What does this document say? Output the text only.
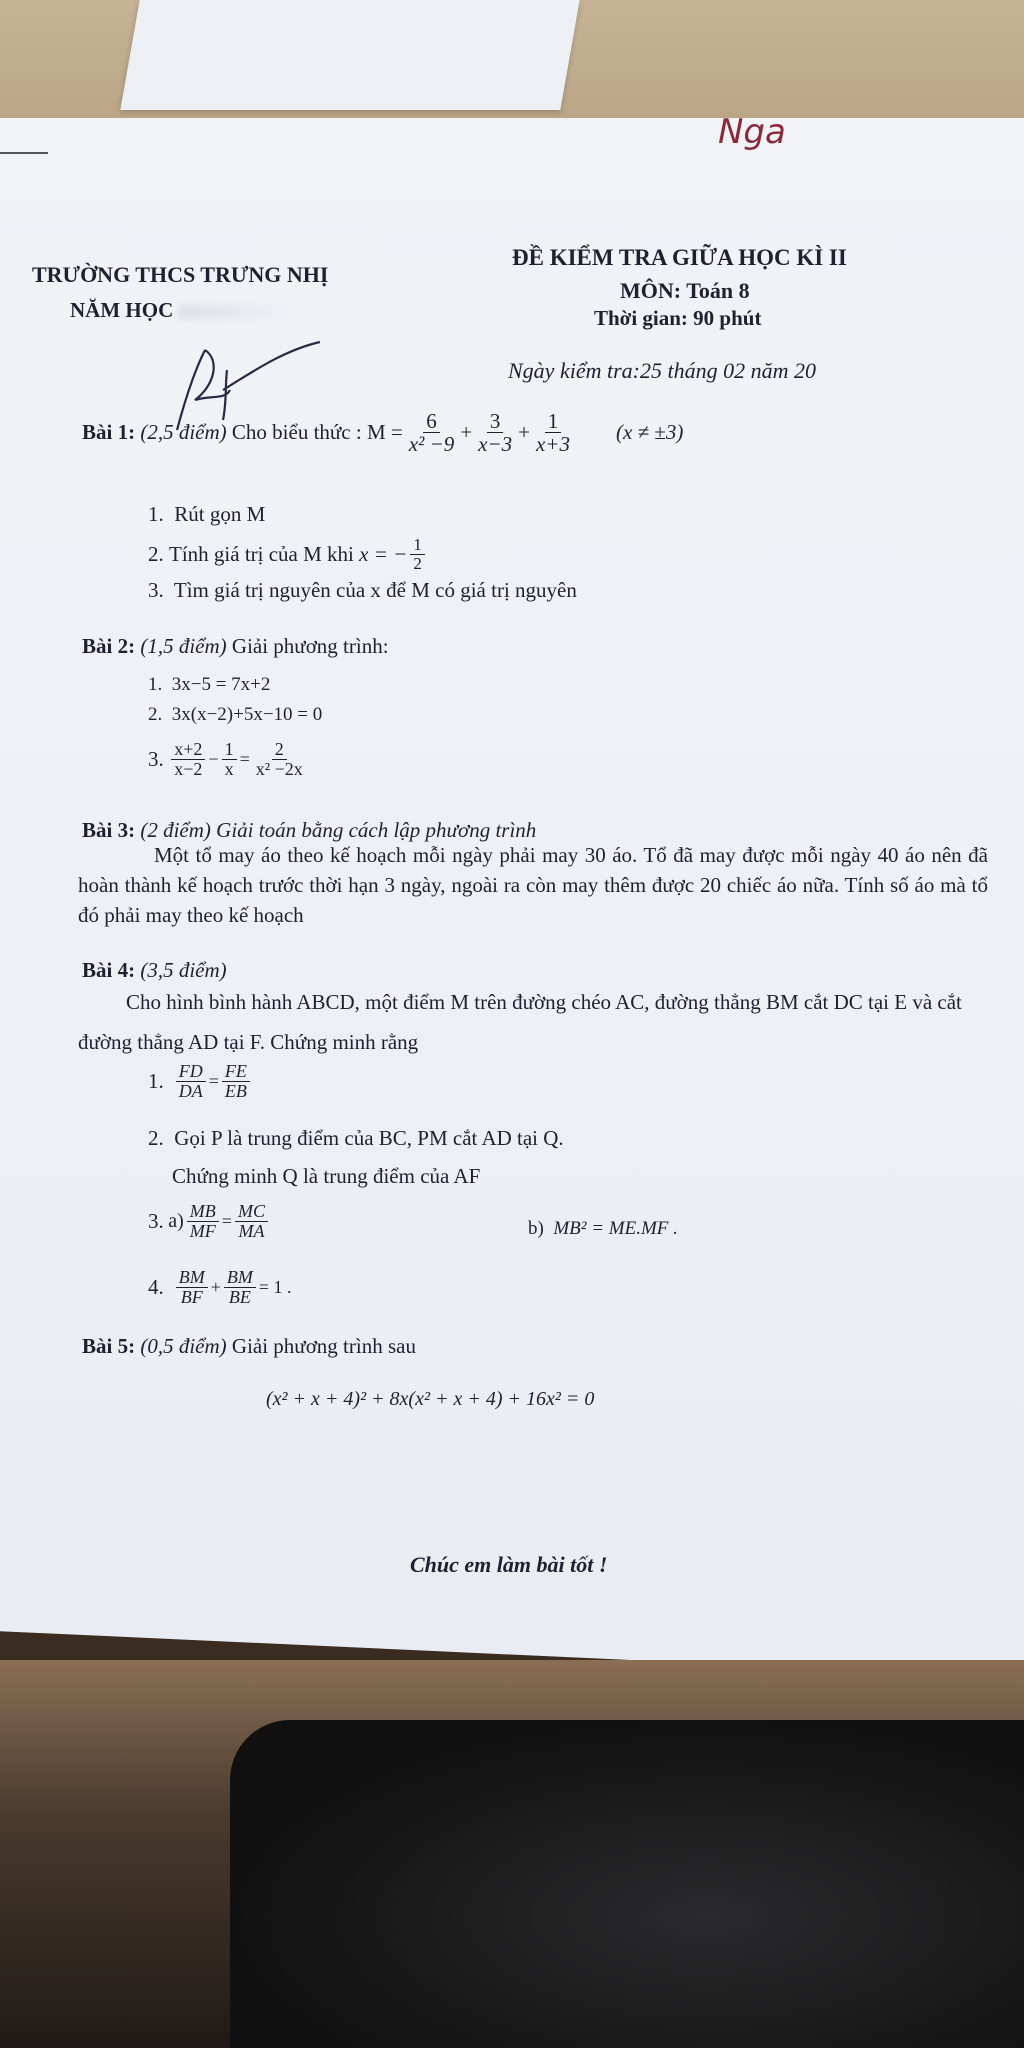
Nga
TRƯỜNG THCS TRƯNG NHỊ
NĂM HỌC
ĐỀ KIỂM TRA GIỮA HỌC KÌ II
MÔN: Toán 8
Thời gian: 90 phút
Ngày kiểm tra:25 tháng 02 năm 20
Bài 1:
(2,5 điểm)
Cho biểu thức : $M = \frac{6}{\text{x² −9}} + \frac{3}{x-3} + \frac{1}{x+3} (x \ne \pm 3)$
1. Rút gọn M
2.
Tính giá trị của M khi
x = − $\frac{1}{2}$
3. Tìm giá trị nguyên của x để M có giá trị nguyên
Bài 2: (1,5 điểm) Giải phương trình:
1. 3x−5 = 7x+2
2. 3x(x−2)+5x−10 = 0
3.
$\frac{x+2}{x-2} - \frac{1}{x} = \frac{2}{\text{x² −2x}}$
Bài 3: (2 điểm) Giải toán bằng cách lập phương trình
Một tổ may áo theo kế hoạch mỗi ngày phải may 30 áo. Tổ đã may được mỗi ngày 40 áo nên đã hoàn thành kế hoạch trước thời hạn 3 ngày, ngoài ra còn may thêm được 20 chiếc áo nữa. Tính số áo mà tổ đó phải may theo kế hoạch
Bài 4: (3,5 điểm)
Cho hình bình hành ABCD, một điểm M trên đường chéo AC, đường thẳng BM cắt DC tại E và cắt đường thẳng AD tại F. Chứng minh rằng
1.
$\frac{FD}{DA} = \frac{FE}{EB}$
2. Gọi P là trung điểm của BC, PM cắt AD tại Q.
Chứng minh Q là trung điểm của AF
3.
$a) \frac{MB}{MF} = \frac{MC}{MA}$	b) MB² = ME.MF .
4.
$\frac{BM}{BF} + \frac{BM}{BE} = 1$ .
Bài 5: (0,5 điểm) Giải phương trình sau
(x² + x + 4)² + 8x(x² + x + 4) + 16x² = 0
Chúc em làm bài tốt !
